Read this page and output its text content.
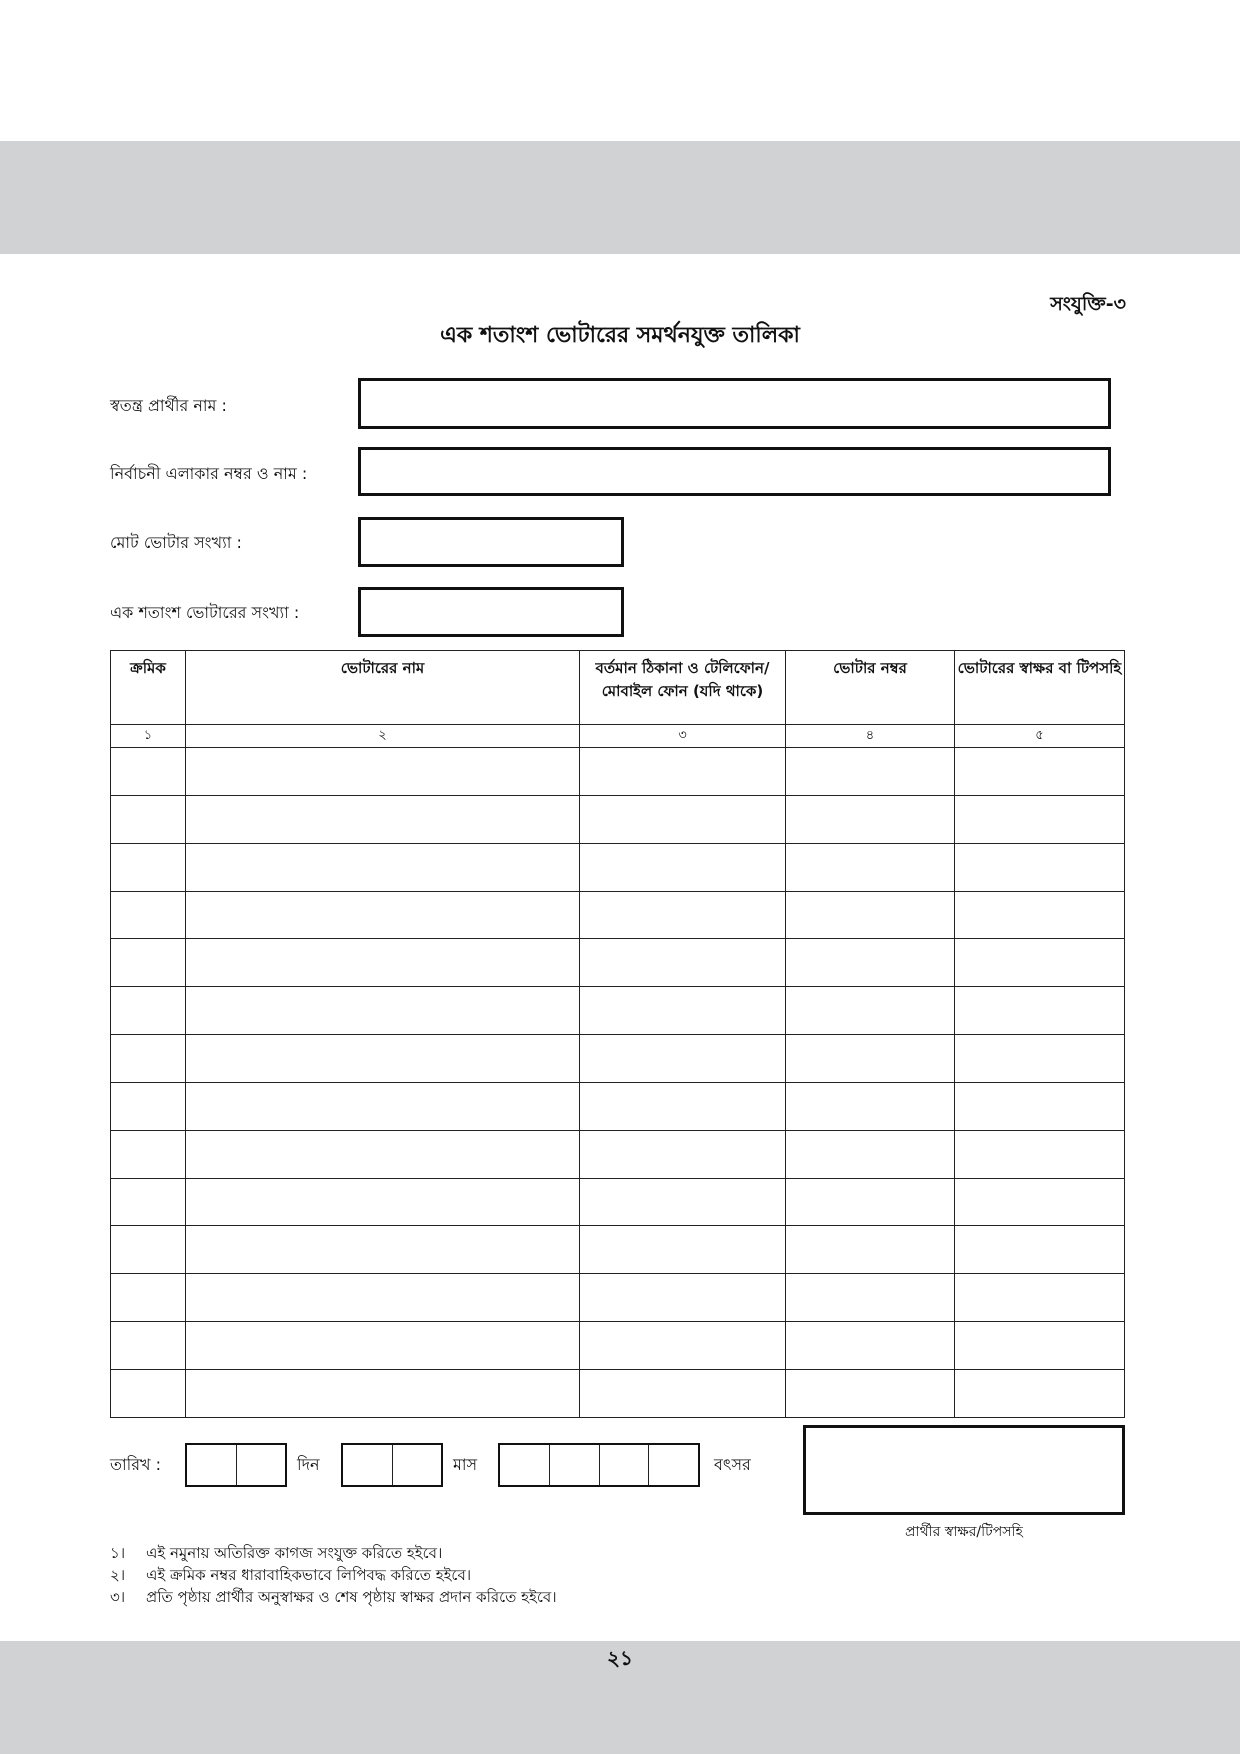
সংযুক্তি-৩
এক শতাংশ ভোটারের সমর্থনযুক্ত তালিকা
স্বতন্ত্র প্রার্থীর নাম :
নির্বাচনী এলাকার নম্বর ও নাম :
মোট ভোটার সংখ্যা :
এক শতাংশ ভোটারের সংখ্যা :
ক্রমিক	ভোটারের নাম	বর্তমান ঠিকানা ও টেলিফোন/মোবাইল ফোন (যদি থাকে)	ভোটার নম্বর	ভোটারের স্বাক্ষর বা টিপসহি
১	২	৩	৪	৫

তারিখ :	দিন	মাস	বৎসর
প্রার্থীর স্বাক্ষর/টিপসহি
১। এই নমুনায় অতিরিক্ত কাগজ সংযুক্ত করিতে হইবে।
২। এই ক্রমিক নম্বর ধারাবাহিকভাবে লিপিবদ্ধ করিতে হইবে।
৩। প্রতি পৃষ্ঠায় প্রার্থীর অনুস্বাক্ষর ও শেষ পৃষ্ঠায় স্বাক্ষর প্রদান করিতে হইবে।
২১
